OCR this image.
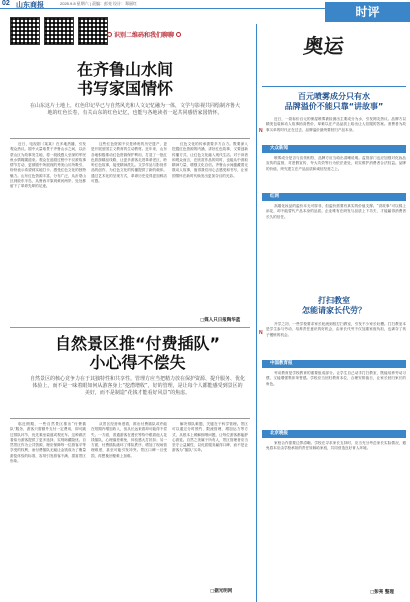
02 山东商报	2025.9.8 星期六 | 责编：彭亮 设计：郑丽红
时评
识别二维码和我们聊聊
在齐鲁山水间
书写家国情怀
在山东这片土地上，红色印记早已与自然风光和人文记忆融为一体，文学与影视共同绘制齐鲁大地的红色长卷，有关山东的红色记忆，也能与各地读者一起共同感悟家国情怀。

近日，电视剧《某某》在多地热播，引发观众热议。剧中大量取景于齐鲁山水之间，以沂蒙山区为故事发生地，将一段段感人至深的军民鱼水情娓娓道来。观众在追剧过程中不仅被故事情节打动，更被剧中所展现的秀美山川所吸引，纷纷表示希望到实地打卡，感受红色文化的独特魅力。山东红色资源丰富，分布广泛，从沂蒙山区到胶东半岛，从鲁西平原到黄河两岸，处处都留下了革命先辈的足迹。

这些红色资源不仅是珍贵的历史遗产，更是开展爱国主义教育的生动教材。近年来，山东各地积极推动红色资源保护利用，打造了一批红色旅游精品线路，让更多游客走进革命老区，聆听红色故事，接受精神洗礼。文学作品与影视作品的创作，为红色文化的传播提供了新的载体。通过艺术化的呈现方式，革命历史变得更加鲜活可感。

红色文化的传承需要多方合力。既要深入挖掘红色资源的内涵，讲好红色故事，又要创新传播方式，让红色文化融入现代生活。对于读者和观众而言，在欣赏作品的同时，也能从中汲取精神力量，增强文化自信。齐鲁山水间蕴藏着无数动人故事，值得我们用心去感受和书写，让家国情怀在新时代焕发出更加夺目的光彩。

□媒人只日报陶华蓝
自然景区推“付费插队”
小心得不偿失
自然景区的核心竞争力在于其独特性和共享性。管理方应当把精力放在保护资源、提升服务、优化体验上，而不是一味着眼如何从游客身上“挖潜增收”，好的管理，是让每个人都能感受到景区的美好，而不是制造“花钱才能看好风景”的焦虑。

临近假期，一些自然景区推出“付费插队”服务，游客只需额外支付一定费用，即可跳过排队环节，优先乘坐索道或观光车。这种做法看似为游客提供了更多选择，实则暗藏隐忧。自然景区作为公共资源，理应保障每一位游客平等享受的权利，而付费插队无疑让金钱成为了衡量游览体验的标准，容易引发游客不满，损害景区形象。

从景区经营角度看，推出付费插队或许能在短期内增加收入，但从长远来看却可能得不偿失。一方面，普通游客在漫长等待中眼看他人花钱插队，心理落差难免，体验感大打折扣；另一方面，付费插队破坏了排队秩序，增加了现场管理难度，甚至可能引发冲突。景区口碑一旦受损，再想挽回便难上加难。

解决排队难题，关键在于科学管理。景区可以通过分时预约、限流管理、增加运力等方式，从根本上缓解拥堵问题，让每位游客都能舒心游览。自然之美属于所有人，景区管理者应当坚守公益属性，以优质服务赢得口碑，而不是让游客为“插队”买单。

□据光明网
奥运
百元喷雾成分只有水
品牌溢价不能只靠“讲故事”
N

近日，一款标价百元的保湿喷雾被检测出主要成分为水，引发网友热议。品牌方以精美包装和动人故事抬高售价，却难以在产品品质上给出让人信服的答案。消费者为故事买单的时代正在过去，品牌溢价最终要回归产品本身。

大众新闻

喷雾成分是否与宣传相符，品牌方应当给出清晰说明。监管部门也应加强对化妆品宣传的监督，对虚假宣传、夸大功效等行为依法查处，切实维护消费者合法权益。品牌的价值，终究建立在产品品质和诚信经营之上。

红网

高端化妆品的溢价本无可厚非，但溢价需要有真实的价值支撑。“讲故事”可以锦上添花，却不能替代产品本身的品质。企业唯有在研发与品质上下功夫，才能赢得消费者长久的信任。

打扫教室
怎能请家长代劳？
N

开学之初，一些学校要求家长轮流到校打扫教室，引发不少家长吐槽。打扫教室本是学生参与劳动、培养责任意识的好机会，由家长代劳不仅加重家庭负担，也剥夺了孩子锻炼的机会。

中国教育报

劳动教育是学校教育的重要组成部分。让学生自己动手打扫教室，既能培养劳动习惯，又能增强集体荣誉感。学校应当回归教育本位，合理安排值日，让家长回归家长的角色。

北京晚报

家校合作需要边界清晰。学校在寻求家长支持时，应当充分考虑家长实际情况，避免将本应由学校承担的责任转嫁给家庭，共同营造良好育人环境。

□彭亮 整理
